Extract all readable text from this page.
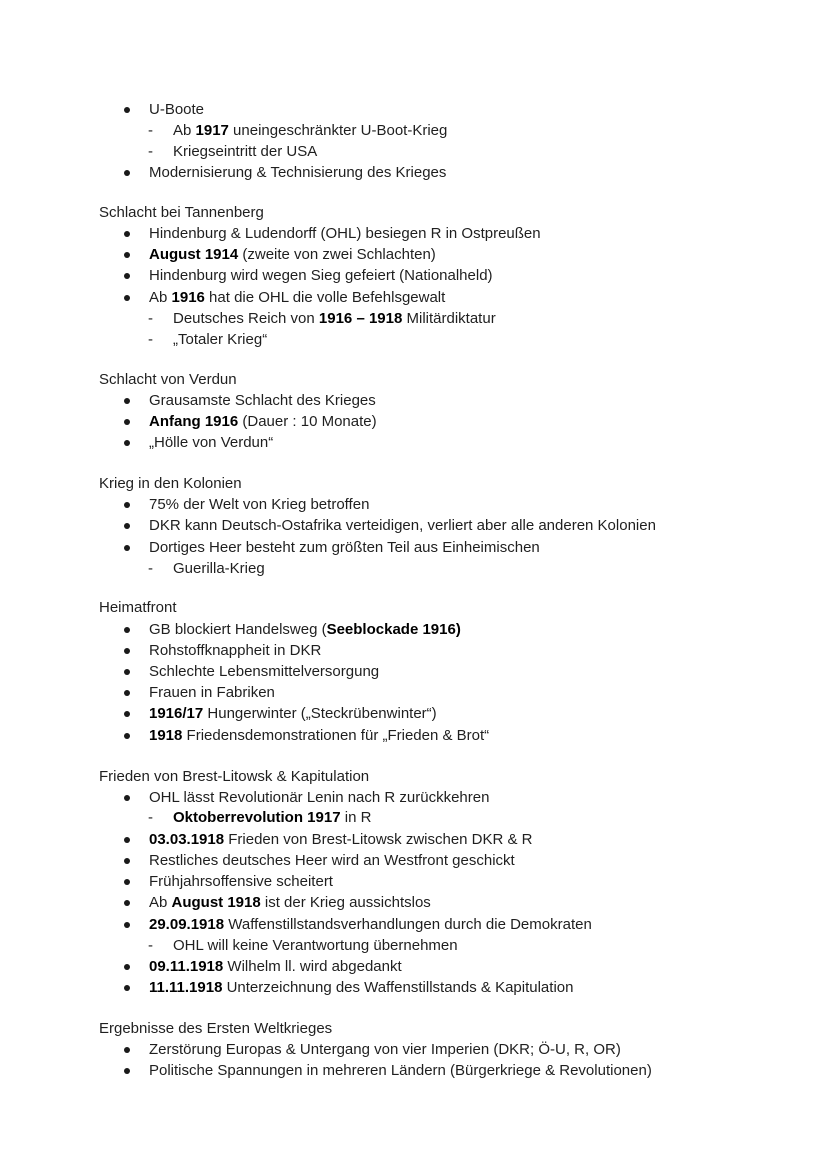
U-Boote
- Ab 1917 uneingeschränkter U-Boot-Krieg
- Kriegseintritt der USA
Modernisierung & Technisierung des Krieges
Schlacht bei Tannenberg
Hindenburg & Ludendorff (OHL) besiegen R in Ostpreußen
August 1914 (zweite von zwei Schlachten)
Hindenburg wird wegen Sieg gefeiert (Nationalheld)
Ab 1916 hat die OHL die volle Befehlsgewalt
- Deutsches Reich von 1916 – 1918 Militärdiktatur
- „Totaler Krieg“
Schlacht von Verdun
Grausamste Schlacht des Krieges
Anfang 1916 (Dauer : 10 Monate)
„Hölle von Verdun“
Krieg in den Kolonien
75% der Welt von Krieg betroffen
DKR kann Deutsch-Ostafrika verteidigen, verliert aber alle anderen Kolonien
Dortiges Heer besteht zum größten Teil aus Einheimischen
- Guerilla-Krieg
Heimatfront
GB blockiert Handelsweg (Seeblockade 1916)
Rohstoffknappheit in DKR
Schlechte Lebensmittelversorgung
Frauen in Fabriken
1916/17 Hungerwinter („Steckrübenwinter“)
1918 Friedensdemonstrationen für „Frieden & Brot“
Frieden von Brest-Litowsk & Kapitulation
OHL lässt Revolutionär Lenin nach R zurückkehren
- Oktoberrevolution 1917 in R
03.03.1918 Frieden von Brest-Litowsk zwischen DKR & R
Restliches deutsches Heer wird an Westfront geschickt
Frühjahrsoffensive scheitert
Ab August 1918 ist der Krieg aussichtslos
29.09.1918 Waffenstillstandsverhandlungen durch die Demokraten
- OHL will keine Verantwortung übernehmen
09.11.1918 Wilhelm ll. wird abgedankt
11.11.1918 Unterzeichnung des Waffenstillstands & Kapitulation
Ergebnisse des Ersten Weltkrieges
Zerstörung Europas & Untergang von vier Imperien (DKR; Ö-U, R, OR)
Politische Spannungen in mehreren Ländern (Bürgerkriege & Revolutionen)
